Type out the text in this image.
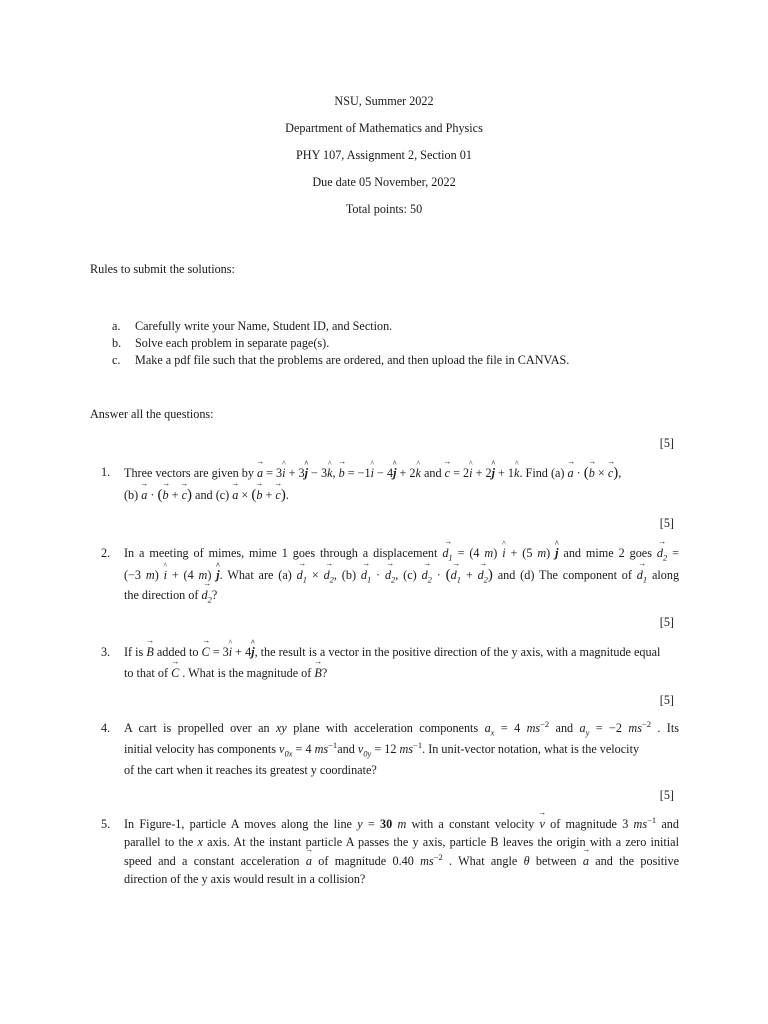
NSU, Summer 2022
Department of Mathematics and Physics
PHY 107, Assignment 2, Section 01
Due date 05 November, 2022
Total points: 50
Rules to submit the solutions:
a. Carefully write your Name, Student ID, and Section.
b. Solve each problem in separate page(s).
c. Make a pdf file such that the problems are ordered, and then upload the file in CANVAS.
Answer all the questions:
[5]
1. Three vectors are given by → a = 3^ i + 3^ j − 3^ k, → b = −1^ i − 4^ j + 2^ k and → c = 2^ i + 2^ j + 1^ k. Find (a) → a · (→ b × → c),
(b) → a · (→ b + → c) and (c) → a × (→ b + → c).
[5]
2. In a meeting of mimes, mime 1 goes through a displacement → $d_1 = (4$ m) ^ i + (5 m) ^ j and mime 2 goes → $d_2$ =
(−3 m) ^ i + (4 m) ^ j. What are $(a) \to d_1$ × → $d_2$, $(b) \to d_1$ · → $d_2$, $(c) \to d_2$ · (→ $d_1$ + → $d_2$) and (d) The component of → $d_1$ along
the direction of → $d_2$?
[5]
3. If is → B added to → C = 3^ i + 4^ j, the result is a vector in the positive direction of the y axis, with a magnitude equal
to that of → C . What is the magnitude of → B?
[5]
4. A cart is propelled over an xy plane with acceleration components $a_x = 4$ $ms^{-2}$ and $a_y = -2$ $ms^{-2}$ . Its
initial velocity has components $v_{0x} = 4$ $ms^{-1}and$ $v_{0y} = 12$ $ms^{-1}$. In unit-vector notation, what is the velocity
of the cart when it reaches its greatest y coordinate?
[5]
5. In Figure-1, particle A moves along the line y = 30 m with a constant velocity → v of magnitude 3 $ms^{-1}$ and
parallel to the x axis. At the instant particle A passes the y axis, particle B leaves the origin with a zero initial
speed and a constant acceleration → a of magnitude 0.40 $ms^{-2}$ . What angle θ between → a and the positive
direction of the y axis would result in a collision?
